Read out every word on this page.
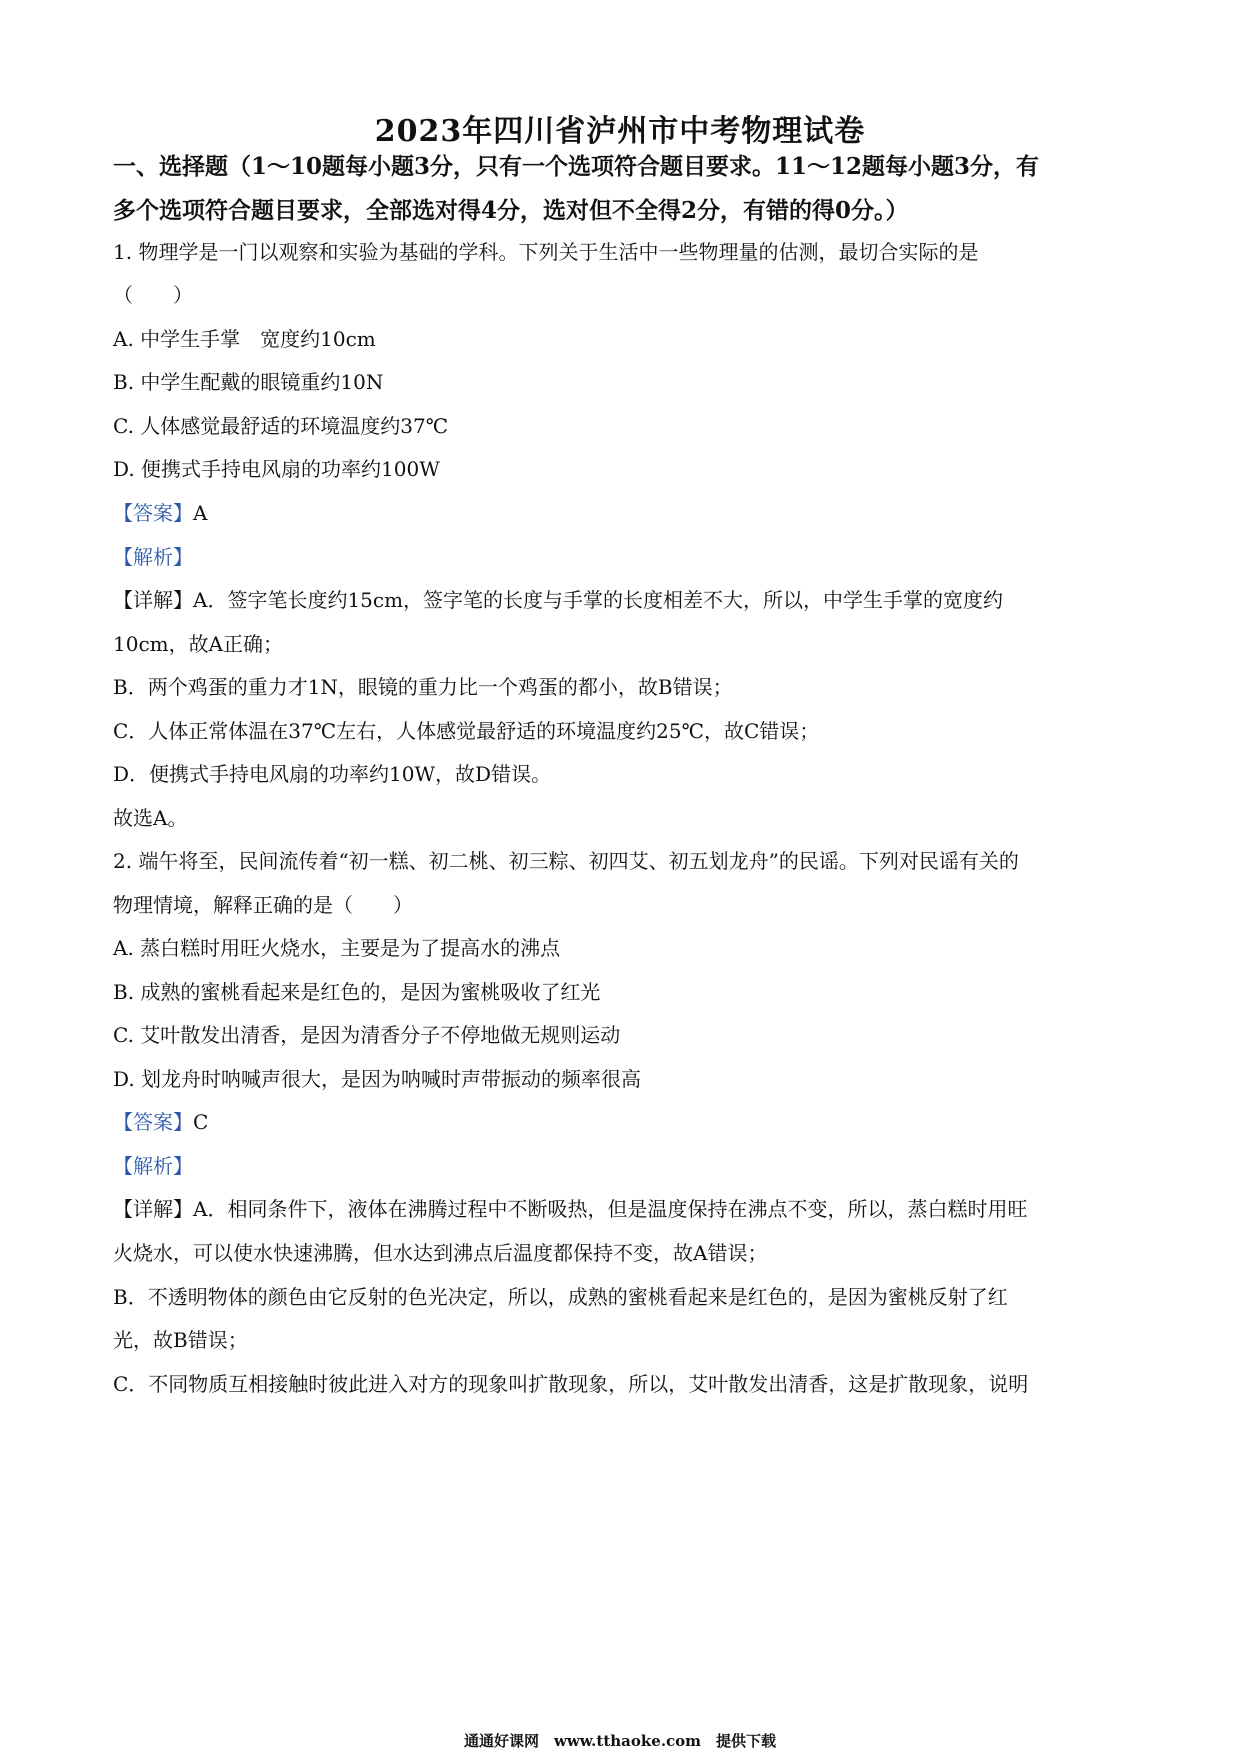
2023年四川省泸州市中考物理试卷
一、选择题（1～10题每小题3分，只有一个选项符合题目要求。11～12题每小题3分，有
多个选项符合题目要求，全部选对得4分，选对但不全得2分，有错的得0分。）
1. 物理学是一门以观察和实验为基础的学科。下列关于生活中一些物理量的估测，最切合实际的是
（　　）
A. 中学生手掌　宽度约10cm
B. 中学生配戴的眼镜重约10N
C. 人体感觉最舒适的环境温度约37℃
D. 便携式手持电风扇的功率约100W
【答案】A
【解析】
【详解】A．签字笔长度约15cm，签字笔的长度与手掌的长度相差不大，所以，中学生手掌的宽度约
10cm，故A正确；
B．两个鸡蛋的重力才1N，眼镜的重力比一个鸡蛋的都小，故B错误；
C．人体正常体温在37℃左右，人体感觉最舒适的环境温度约25℃，故C错误；
D．便携式手持电风扇的功率约10W，故D错误。
故选A。
2. 端午将至，民间流传着“初一糕、初二桃、初三粽、初四艾、初五划龙舟”的民谣。下列对民谣有关的
物理情境，解释正确的是（　　）
A. 蒸白糕时用旺火烧水，主要是为了提高水的沸点
B. 成熟的蜜桃看起来是红色的，是因为蜜桃吸收了红光
C. 艾叶散发出清香，是因为清香分子不停地做无规则运动
D. 划龙舟时呐喊声很大，是因为呐喊时声带振动的频率很高
【答案】C
【解析】
【详解】A．相同条件下，液体在沸腾过程中不断吸热，但是温度保持在沸点不变，所以，蒸白糕时用旺
火烧水，可以使水快速沸腾，但水达到沸点后温度都保持不变，故A错误；
B．不透明物体的颜色由它反射的色光决定，所以，成熟的蜜桃看起来是红色的，是因为蜜桃反射了红
光，故B错误；
C．不同物质互相接触时彼此进入对方的现象叫扩散现象，所以，艾叶散发出清香，这是扩散现象，说明
通通好课网　www.tthaoke.com　提供下载
